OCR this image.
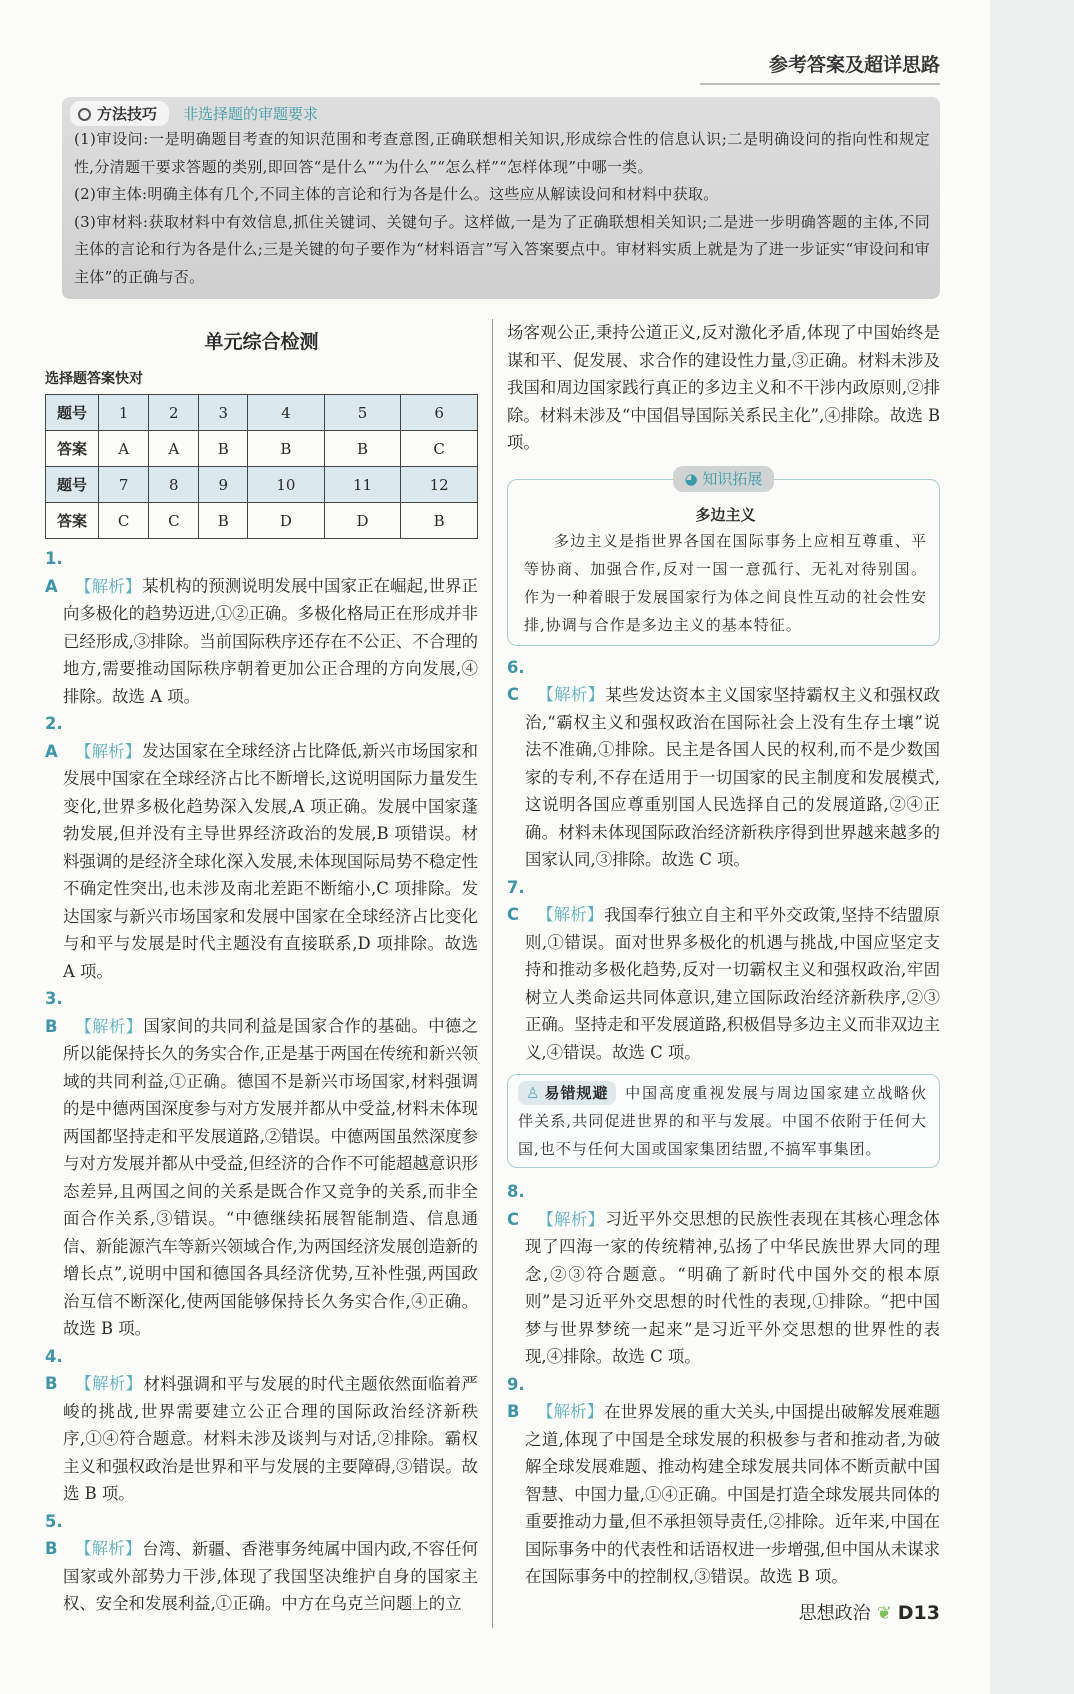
参考答案及超详思路
方法技巧	非选择题的审题要求

(1)审设问:一是明确题目考查的知识范围和考查意图,正确联想相关知识,形成综合性的信息认识;二是明确设问的指向性和规定性,分清题干要求答题的类别,即回答“是什么”“为什么”“怎么样”“怎样体现”中哪一类。

(2)审主体:明确主体有几个,不同主体的言论和行为各是什么。这些应从解读设问和材料中获取。

(3)审材料:获取材料中有效信息,抓住关键词、关键句子。这样做,一是为了正确联想相关知识;二是进一步明确答题的主体,不同主体的言论和行为各是什么;三是关键的句子要作为“材料语言”写入答案要点中。审材料实质上就是为了进一步证实“审设问和审主体”的正确与否。

单元综合检测
选择题答案快对
题号	1	2	3	4	5	6
答案	A	A	B	B	B	C
题号	7	8	9	10	11	12
答案	C	C	B	D	D	B

1. A 【解析】某机构的预测说明发展中国家正在崛起,世界正向多极化的趋势迈进,①②正确。多极化格局正在形成并非已经形成,③排除。当前国际秩序还存在不公正、不合理的地方,需要推动国际秩序朝着更加公正合理的方向发展,④排除。故选 A 项。

2. A 【解析】发达国家在全球经济占比降低,新兴市场国家和发展中国家在全球经济占比不断增长,这说明国际力量发生变化,世界多极化趋势深入发展,A 项正确。发展中国家蓬勃发展,但并没有主导世界经济政治的发展,B 项错误。材料强调的是经济全球化深入发展,未体现国际局势不稳定性不确定性突出,也未涉及南北差距不断缩小,C 项排除。发达国家与新兴市场国家和发展中国家在全球经济占比变化与和平与发展是时代主题没有直接联系,D 项排除。故选 A 项。

3. B 【解析】国家间的共同利益是国家合作的基础。中德之所以能保持长久的务实合作,正是基于两国在传统和新兴领域的共同利益,①正确。德国不是新兴市场国家,材料强调的是中德两国深度参与对方发展并都从中受益,材料未体现两国都坚持走和平发展道路,②错误。中德两国虽然深度参与对方发展并都从中受益,但经济的合作不可能超越意识形态差异,且两国之间的关系是既合作又竞争的关系,而非全面合作关系,③错误。“中德继续拓展智能制造、信息通信、新能源汽车等新兴领域合作,为两国经济发展创造新的增长点”,说明中国和德国各具经济优势,互补性强,两国政治互信不断深化,使两国能够保持长久务实合作,④正确。故选 B 项。

4. B 【解析】材料强调和平与发展的时代主题依然面临着严峻的挑战,世界需要建立公正合理的国际政治经济新秩序,①④符合题意。材料未涉及谈判与对话,②排除。霸权主义和强权政治是世界和平与发展的主要障碍,③错误。故选 B 项。

5. B 【解析】台湾、新疆、香港事务纯属中国内政,不容任何国家或外部势力干涉,体现了我国坚决维护自身的国家主权、安全和发展利益,①正确。中方在乌克兰问题上的立

场客观公正,秉持公道正义,反对激化矛盾,体现了中国始终是谋和平、促发展、求合作的建设性力量,③正确。材料未涉及我国和周边国家践行真正的多边主义和不干涉内政原则,②排除。材料未涉及“中国倡导国际关系民主化”,④排除。故选 B 项。

◕ 知识拓展
多边主义

多边主义是指世界各国在国际事务上应相互尊重、平等协商、加强合作,反对一国一意孤行、无礼对待别国。作为一种着眼于发展国家行为体之间良性互动的社会性安排,协调与合作是多边主义的基本特征。

6. C 【解析】某些发达资本主义国家坚持霸权主义和强权政治,“霸权主义和强权政治在国际社会上没有生存土壤”说法不准确,①排除。民主是各国人民的权利,而不是少数国家的专利,不存在适用于一切国家的民主制度和发展模式,这说明各国应尊重别国人民选择自己的发展道路,②④正确。材料未体现国际政治经济新秩序得到世界越来越多的国家认同,③排除。故选 C 项。

7. C 【解析】我国奉行独立自主和平外交政策,坚持不结盟原则,①错误。面对世界多极化的机遇与挑战,中国应坚定支持和推动多极化趋势,反对一切霸权主义和强权政治,牢固树立人类命运共同体意识,建立国际政治经济新秩序,②③正确。坚持走和平发展道路,积极倡导多边主义而非双边主义,④错误。故选 C 项。

♙ 易错规避 中国高度重视发展与周边国家建立战略伙伴关系,共同促进世界的和平与发展。中国不依附于任何大国,也不与任何大国或国家集团结盟,不搞军事集团。

8. C 【解析】习近平外交思想的民族性表现在其核心理念体现了四海一家的传统精神,弘扬了中华民族世界大同的理念,②③符合题意。“明确了新时代中国外交的根本原则”是习近平外交思想的时代性的表现,①排除。“把中国梦与世界梦统一起来”是习近平外交思想的世界性的表现,④排除。故选 C 项。

9. B 【解析】在世界发展的重大关头,中国提出破解发展难题之道,体现了中国是全球发展的积极参与者和推动者,为破解全球发展难题、推动构建全球发展共同体不断贡献中国智慧、中国力量,①④正确。中国是打造全球发展共同体的重要推动力量,但不承担领导责任,②排除。近年来,中国在国际事务中的代表性和话语权进一步增强,但中国从未谋求在国际事务中的控制权,③错误。故选 B 项。

思想政治 ❦ D13
